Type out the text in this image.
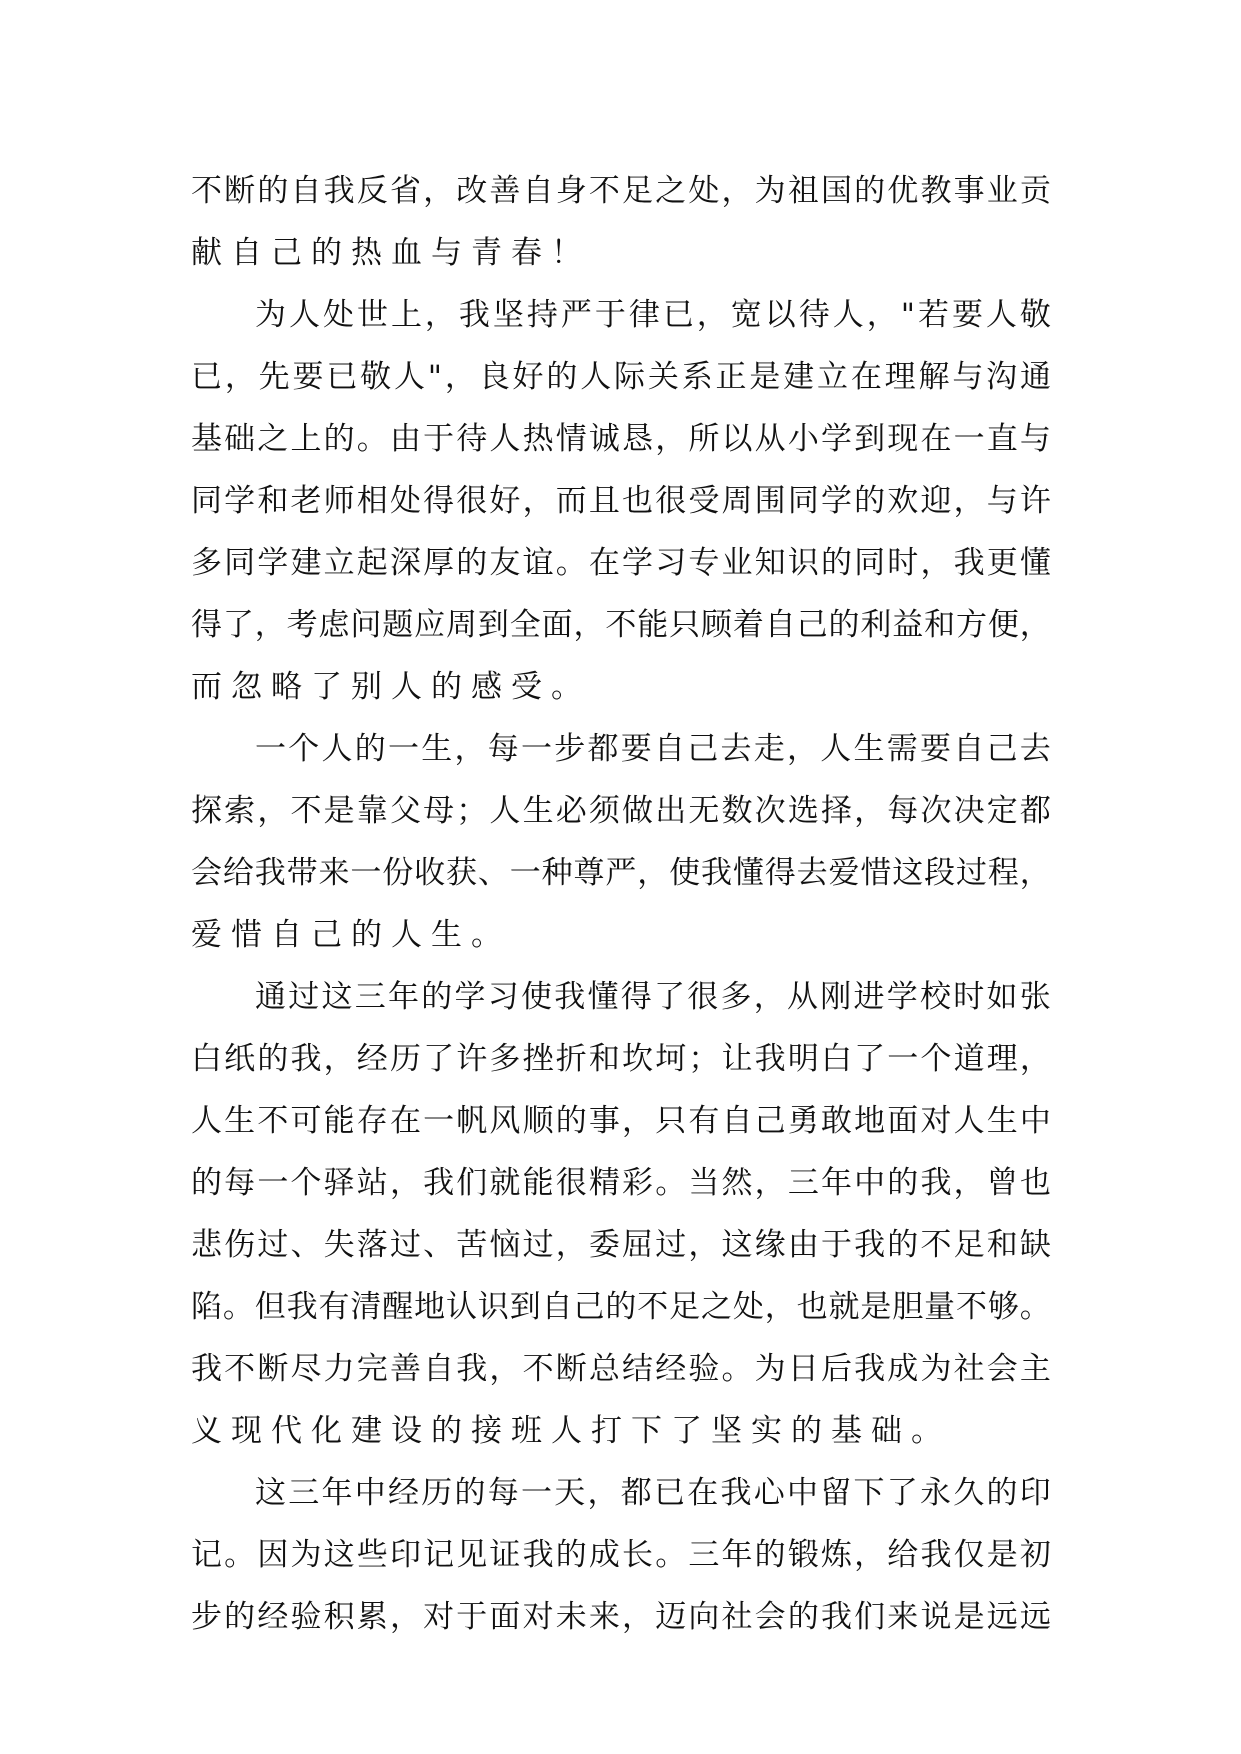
不 断 的 自 我 反 省 ， 改 善 自 身 不 足 之 处 ， 为 祖 国 的 优 教 事 业 贡
献 自 己 的 热 血 与 青 春 ！
为 人 处 世 上 ， 我 坚 持 严 于 律 已 ， 宽 以 待 人 ， " 若 要 人 敬
已 ， 先 要 已 敬 人 " ， 良 好 的 人 际 关 系 正 是 建 立 在 理 解 与 沟 通
基 础 之 上 的 。 由 于 待 人 热 情 诚 恳 ， 所 以 从 小 学 到 现 在 一 直 与
同 学 和 老 师 相 处 得 很 好 ， 而 且 也 很 受 周 围 同 学 的 欢 迎 ， 与 许
多 同 学 建 立 起 深 厚 的 友 谊 。 在 学 习 专 业 知 识 的 同 时 ， 我 更 懂
得 了 ， 考 虑 问 题 应 周 到 全 面 ， 不 能 只 顾 着 自 己 的 利 益 和 方 便 ，
而 忽 略 了 别 人 的 感 受 。
一 个 人 的 一 生 ， 每 一 步 都 要 自 己 去 走 ， 人 生 需 要 自 己 去
探 索 ， 不 是 靠 父 母 ； 人 生 必 须 做 出 无 数 次 选 择 ， 每 次 决 定 都
会 给 我 带 来 一 份 收 获 、 一 种 尊 严 ， 使 我 懂 得 去 爱 惜 这 段 过 程 ，
爱 惜 自 己 的 人 生 。
通 过 这 三 年 的 学 习 使 我 懂 得 了 很 多 ， 从 刚 进 学 校 时 如 张
白 纸 的 我 ， 经 历 了 许 多 挫 折 和 坎 坷 ； 让 我 明 白 了 一 个 道 理 ，
人 生 不 可 能 存 在 一 帆 风 顺 的 事 ， 只 有 自 己 勇 敢 地 面 对 人 生 中
的 每 一 个 驿 站 ， 我 们 就 能 很 精 彩 。 当 然 ， 三 年 中 的 我 ， 曾 也
悲 伤 过 、 失 落 过 、 苦 恼 过 ， 委 屈 过 ， 这 缘 由 于 我 的 不 足 和 缺
陷 。 但 我 有 清 醒 地 认 识 到 自 己 的 不 足 之 处 ， 也 就 是 胆 量 不 够 。
我 不 断 尽 力 完 善 自 我 ， 不 断 总 结 经 验 。 为 日 后 我 成 为 社 会 主
义 现 代 化 建 设 的 接 班 人 打 下 了 坚 实 的 基 础 。
这 三 年 中 经 历 的 每 一 天 ， 都 已 在 我 心 中 留 下 了 永 久 的 印
记 。 因 为 这 些 印 记 见 证 我 的 成 长 。 三 年 的 锻 炼 ， 给 我 仅 是 初
步 的 经 验 积 累 ， 对 于 面 对 未 来 ， 迈 向 社 会 的 我 们 来 说 是 远 远
